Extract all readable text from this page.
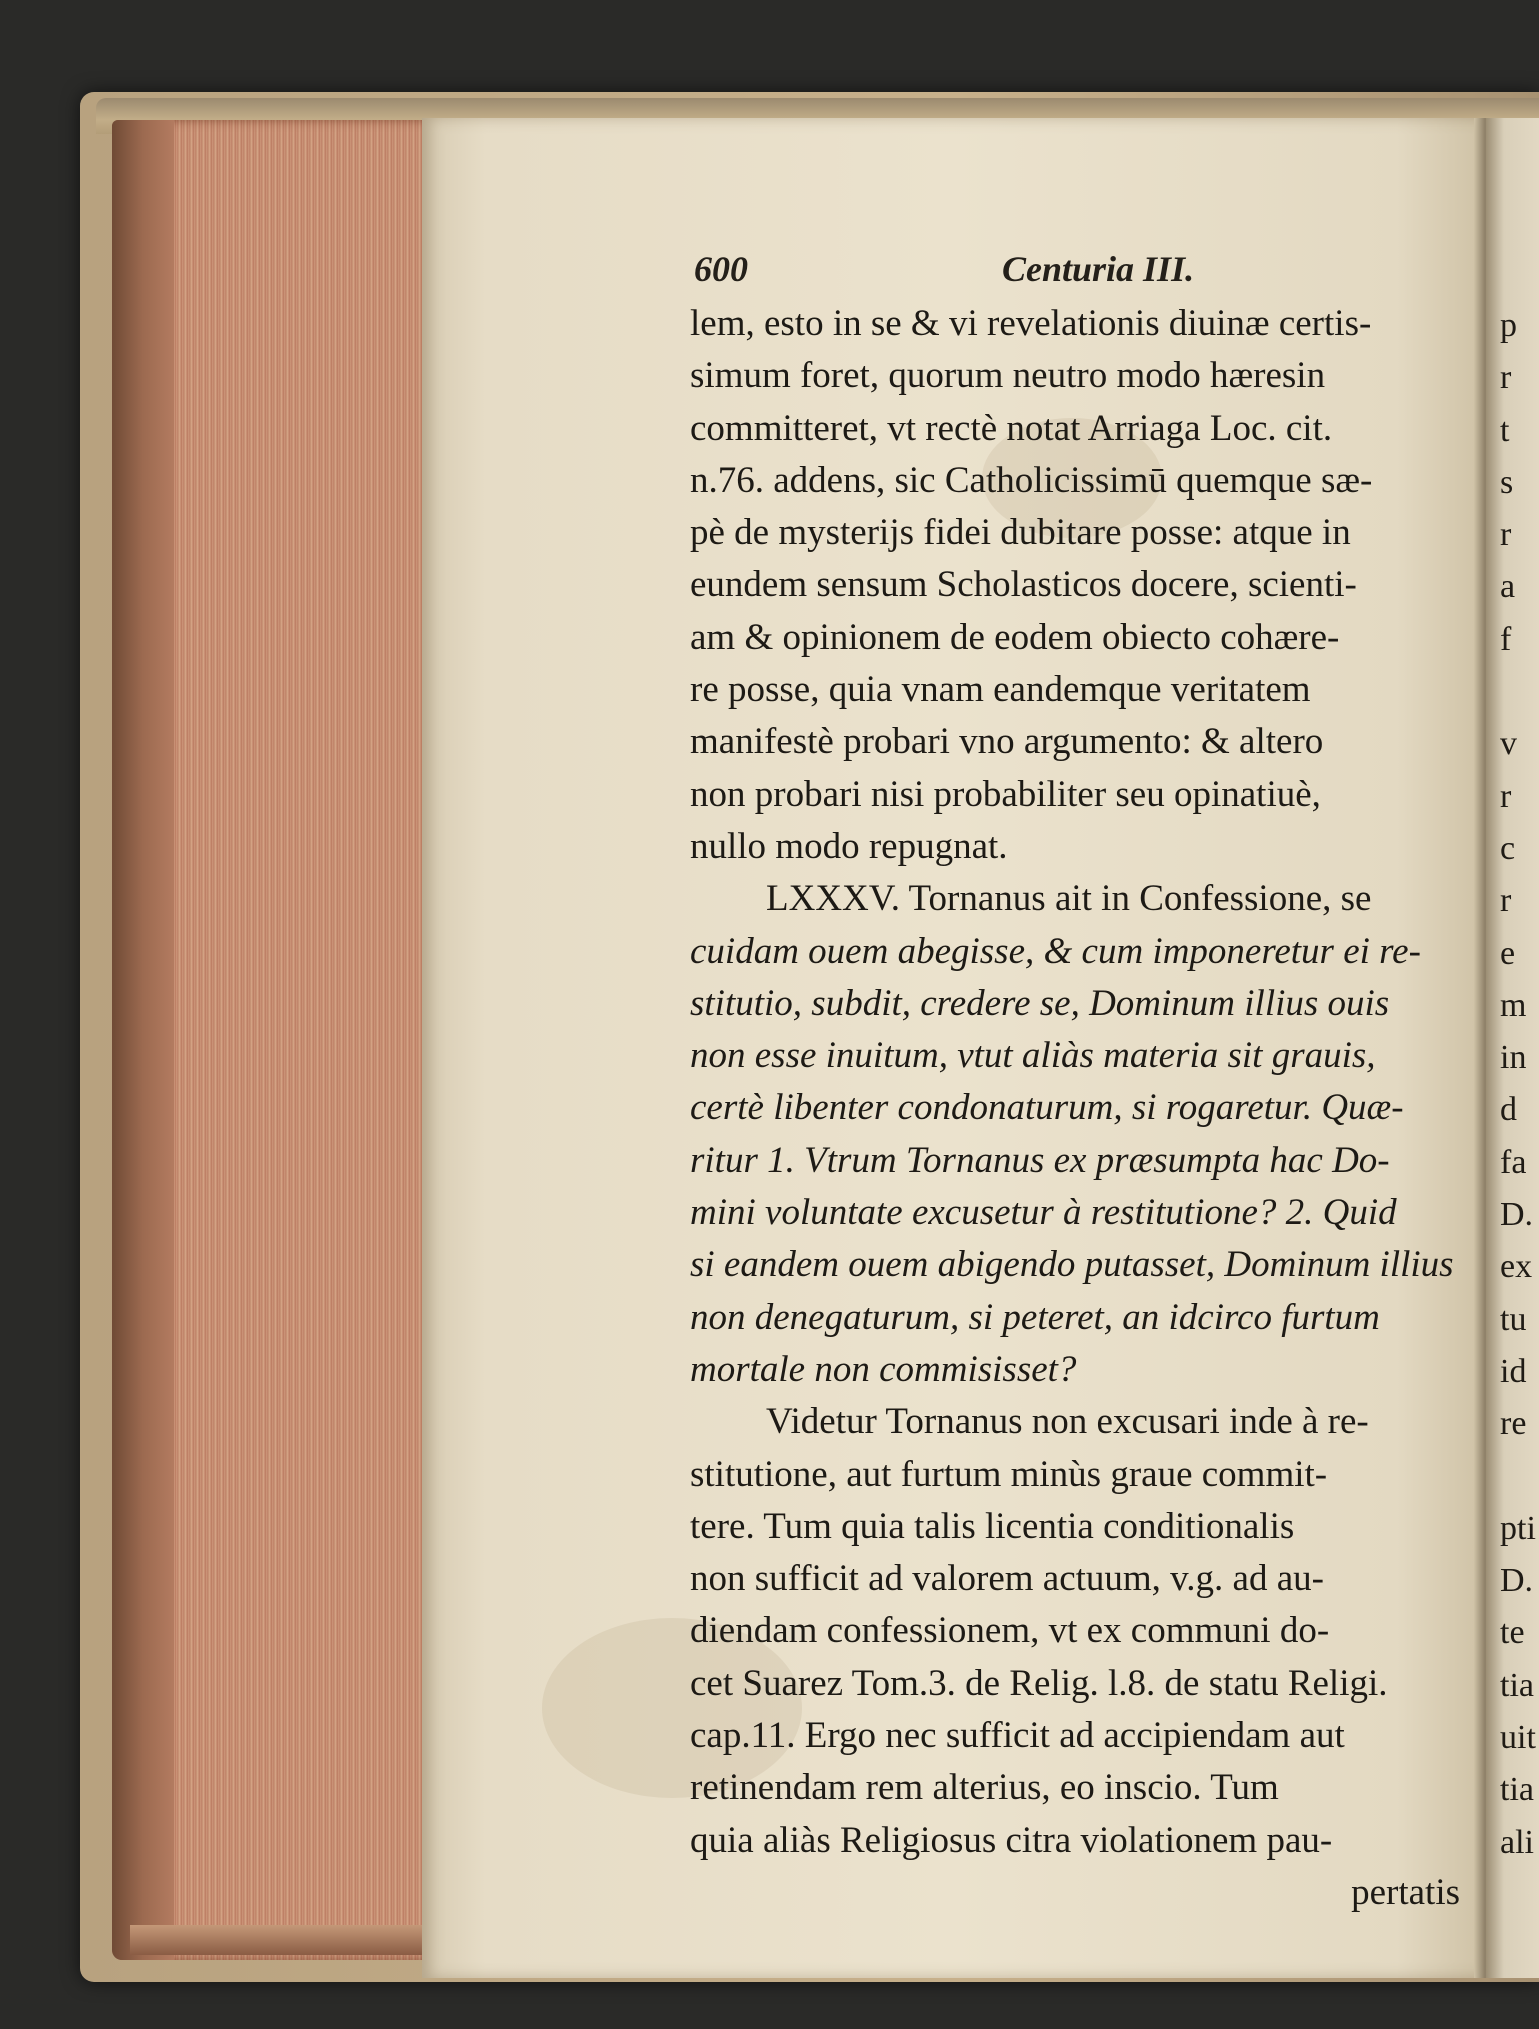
600	Centuria III.
lem, esto in se & vi revelationis diuinæ certis-
simum foret, quorum neutro modo hæresin
committeret, vt rectè notat Arriaga Loc. cit.
n.76. addens, sic Catholicissimū quemque sæ-
pè de mysterijs fidei dubitare posse: atque in
eundem sensum Scholasticos docere, scienti-
am & opinionem de eodem obiecto cohære-
re posse, quia vnam eandemque veritatem
manifestè probari vno argumento: & altero
non probari nisi probabiliter seu opinatiuè,
nullo modo repugnat.
LXXXV. Tornanus ait in Confessione, se
cuidam ouem abegisse, & cum imponeretur ei re-
stitutio, subdit, credere se, Dominum illius ouis
non esse inuitum, vtut aliàs materia sit grauis,
certè libenter condonaturum, si rogaretur. Quæ-
ritur 1. Vtrum Tornanus ex præsumpta hac Do-
mini voluntate excusetur à restitutione? 2. Quid
si eandem ouem abigendo putasset, Dominum illius
non denegaturum, si peteret, an idcirco furtum
mortale non commisisset?
Videtur Tornanus non excusari inde à re-
stitutione, aut furtum minùs graue commit-
tere. Tum quia talis licentia conditionalis
non sufficit ad valorem actuum, v.g. ad au-
diendam confessionem, vt ex communi do-
cet Suarez Tom.3. de Relig. l.8. de statu Religi.
cap.11. Ergo nec sufficit ad accipiendam aut
retinendam rem alterius, eo inscio. Tum
quia aliàs Religiosus citra violationem pau-
pertatis
p
r
t
s
r
a
f
v
r
c
r
e
m
in
d
fa
D.
ex
tu
id
re
pti
D.
te
tia
uit
tia
ali
